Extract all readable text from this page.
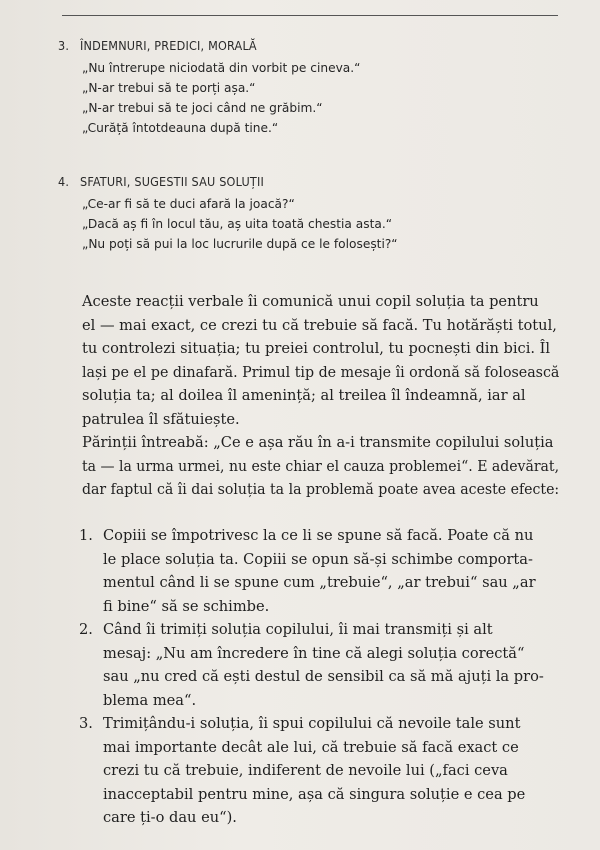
3. ÎNDEMNURI, PREDICI, MORALĂ
„Nu întrerupe niciodată din vorbit pe cineva.“
„N-ar trebui să te porți așa.“
„N-ar trebui să te joci când ne grăbim.“
„Curăță întotdeauna după tine.“
4. SFATURI, SUGESTII SAU SOLUȚII
„Ce-ar fi să te duci afară la joacă?“
„Dacă aș fi în locul tău, aș uita toată chestia asta.“
„Nu poți să pui la loc lucrurile după ce le folosești?“
Aceste reacții verbale îi comunică unui copil soluția ta pentru
el — mai exact, ce crezi tu că trebuie să facă. Tu hotărăști totul,
tu controlezi situația; tu preiei controlul, tu pocnești din bici. Îl
lași pe el pe dinafară. Primul tip de mesaje îi ordonă să folosească
soluția ta; al doilea îl amenință; al treilea îl îndeamnă, iar al
patrulea îl sfătuiește.
Părinții întreabă: „Ce e așa rău în a-i transmite copilului soluția
ta — la urma urmei, nu este chiar el cauza problemei“. E adevărat,
dar faptul că îi dai soluția ta la problemă poate avea aceste efecte:
1. Copiii se împotrivesc la ce li se spune să facă. Poate că nu
le place soluția ta. Copiii se opun să-și schimbe comporta-
mentul când li se spune cum „trebuie“, „ar trebui“ sau „ar
fi bine“ să se schimbe.
2. Când îi trimiți soluția copilului, îi mai transmiți și alt
mesaj: „Nu am încredere în tine că alegi soluția corectă“
sau „nu cred că ești destul de sensibil ca să mă ajuți la pro-
blema mea“.
3. Trimițându-i soluția, îi spui copilului că nevoile tale sunt
mai importante decât ale lui, că trebuie să facă exact ce
crezi tu că trebuie, indiferent de nevoile lui („faci ceva
inacceptabil pentru mine, așa că singura soluție e cea pe
care ți-o dau eu“).
